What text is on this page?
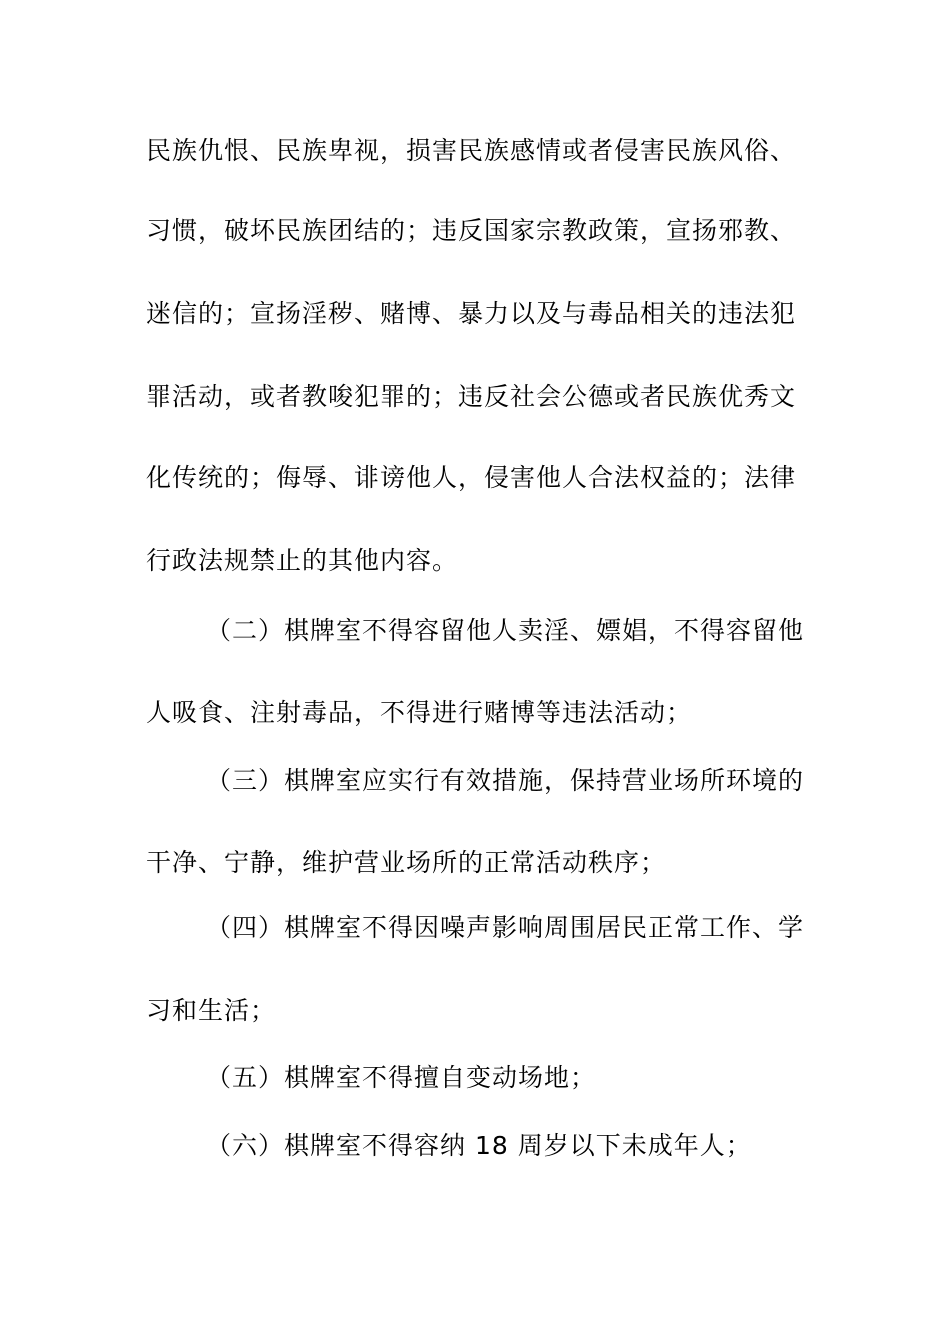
民族仇恨、民族卑视，损害民族感情或者侵害民族风俗、
习惯，破坏民族团结的；违反国家宗教政策，宣扬邪教、
迷信的；宣扬淫秽、赌博、暴力以及与毒品相关的违法犯
罪活动，或者教唆犯罪的；违反社会公德或者民族优秀文
化传统的；侮辱、诽谤他人，侵害他人合法权益的；法律
行政法规禁止的其他内容。
（二）棋牌室不得容留他人卖淫、嫖娼，不得容留他
人吸食、注射毒品，不得进行赌博等违法活动；
（三）棋牌室应实行有效措施，保持营业场所环境的
干净、宁静，维护营业场所的正常活动秩序；
（四）棋牌室不得因噪声影响周围居民正常工作、学
习和生活；
（五）棋牌室不得擅自变动场地；
（六）棋牌室不得容纳 18 周岁以下未成年人；
